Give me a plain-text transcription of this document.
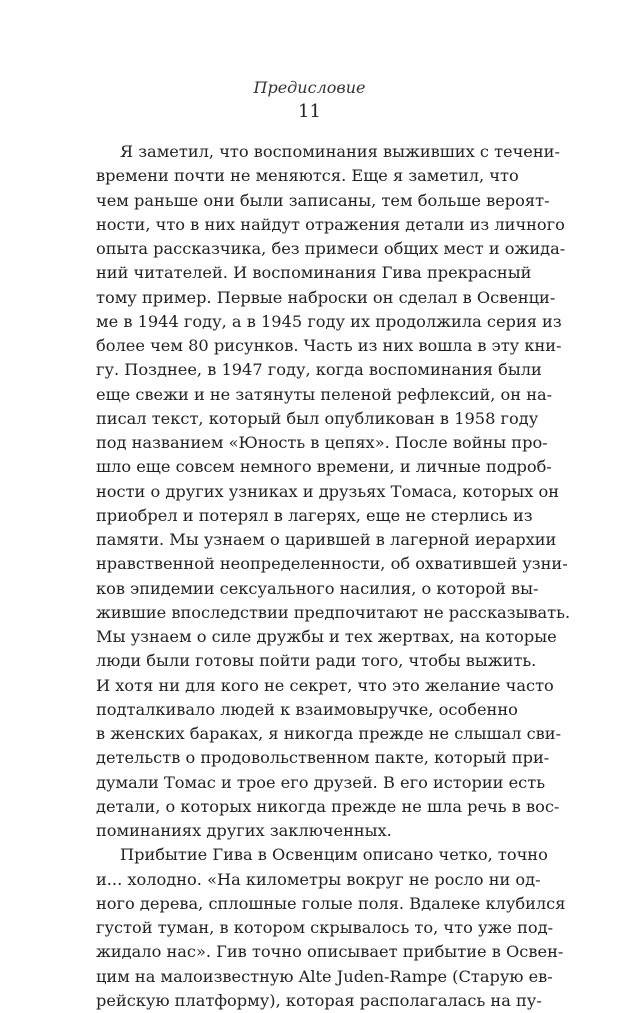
Предисловие
11
Я заметил, что воспоминания выживших с течени-
времени почти не меняются. Еще я заметил, что
чем раньше они были записаны, тем больше вероят-
ности, что в них найдут отражения детали из личного
опыта рассказчика, без примеси общих мест и ожида-
ний читателей. И воспоминания Гива прекрасный
тому пример. Первые наброски он сделал в Освенци-
ме в 1944 году, а в 1945 году их продолжила серия из
более чем 80 рисунков. Часть из них вошла в эту кни-
гу. Позднее, в 1947 году, когда воспоминания были
еще свежи и не затянуты пеленой рефлексий, он на-
писал текст, который был опубликован в 1958 году
под названием «Юность в цепях». После войны про-
шло еще совсем немного времени, и личные подроб-
ности о других узниках и друзьях Томаса, которых он
приобрел и потерял в лагерях, еще не стерлись из
памяти. Мы узнаем о царившей в лагерной иерархии
нравственной неопределенности, об охватившей узни-
ков эпидемии сексуального насилия, о которой вы-
жившие впоследствии предпочитают не рассказывать.
Мы узнаем о силе дружбы и тех жертвах, на которые
люди были готовы пойти ради того, чтобы выжить.
И хотя ни для кого не секрет, что это желание часто
подталкивало людей к взаимовыручке, особенно
в женских бараках, я никогда прежде не слышал сви-
детельств о продовольственном пакте, который при-
думали Томас и трое его друзей. В его истории есть
детали, о которых никогда прежде не шла речь в вос-
поминаниях других заключенных.
Прибытие Гива в Освенцим описано четко, точно
и... холодно. «На километры вокруг не росло ни од-
ного дерева, сплошные голые поля. Вдалеке клубился
густой туман, в котором скрывалось то, что уже под-
жидало нас». Гив точно описывает прибытие в Освен-
цим на малоизвестную Alte Juden-Rampe (Старую ев-
рейскую платформу), которая располагалась на пу-
